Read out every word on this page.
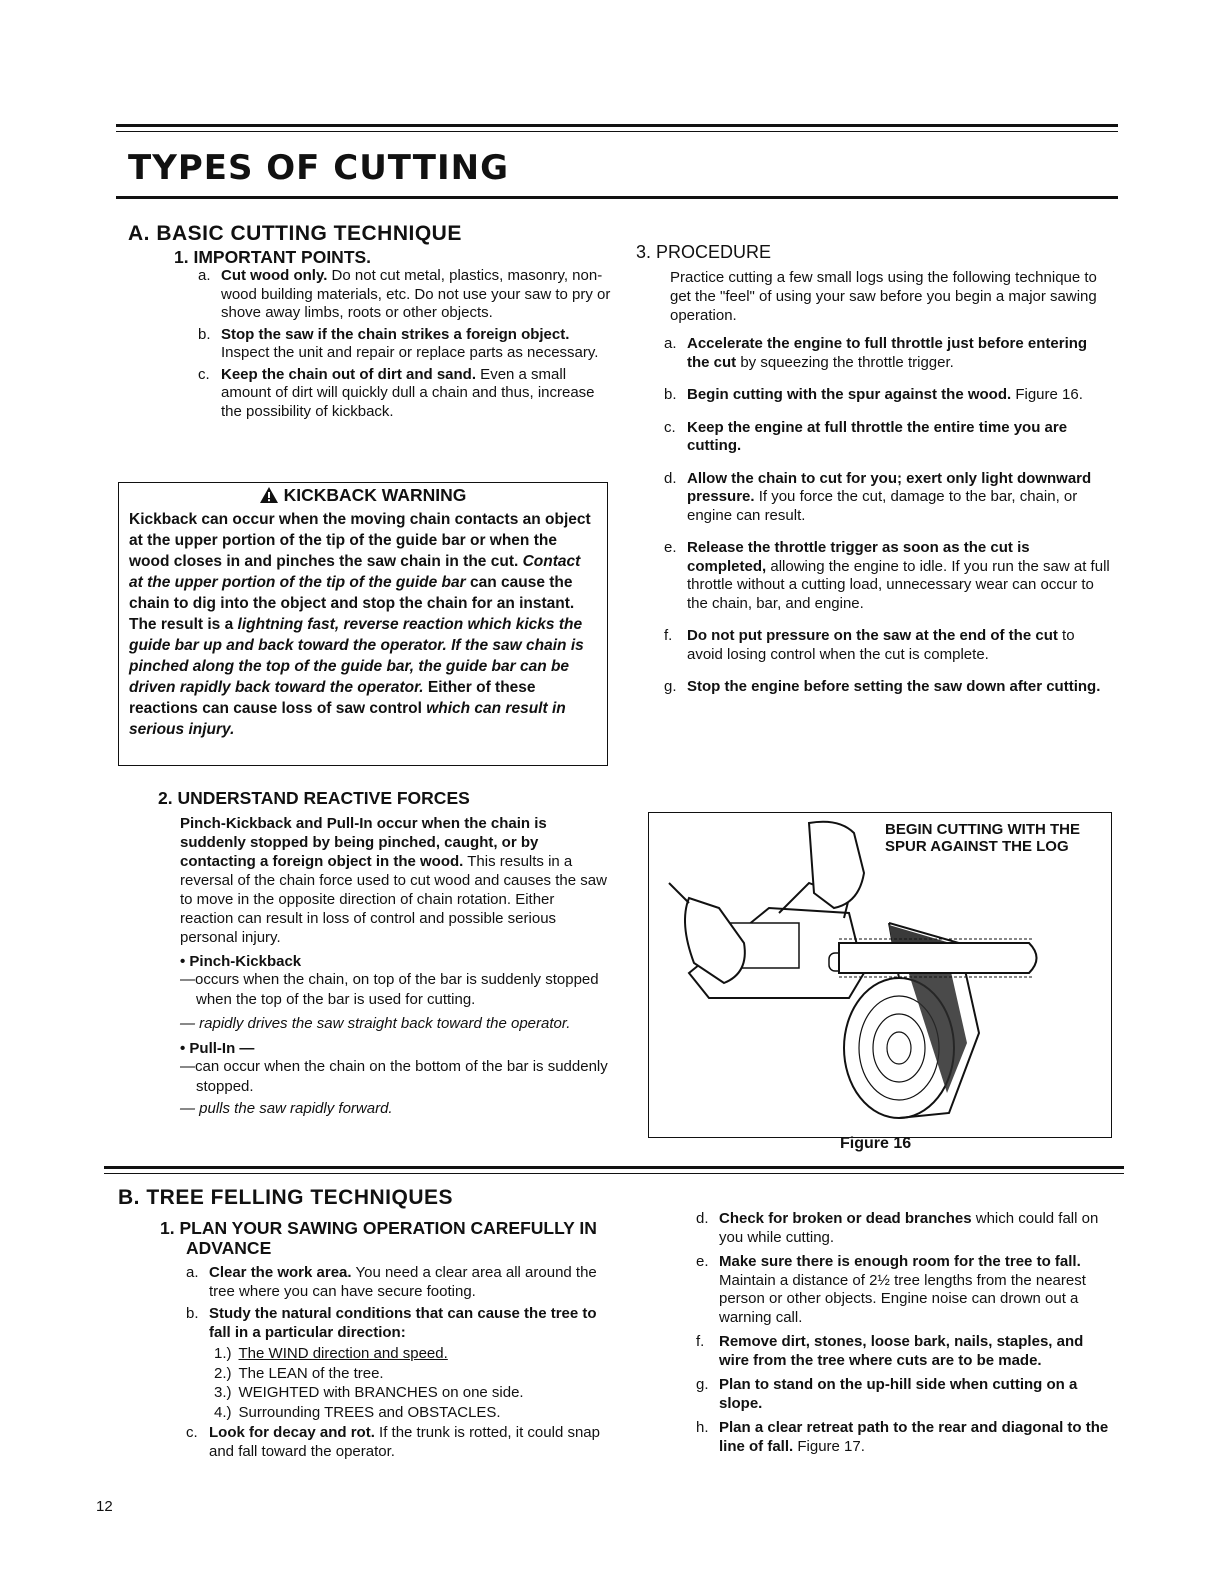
TYPES OF CUTTING
A. BASIC CUTTING TECHNIQUE
1. IMPORTANT POINTS.

a. Cut wood only. Do not cut metal, plastics, masonry, non-wood building materials, etc. Do not use your saw to pry or shove away limbs, roots or other objects.

b. Stop the saw if the chain strikes a foreign object. Inspect the unit and repair or replace parts as necessary.

c. Keep the chain out of dirt and sand. Even a small amount of dirt will quickly dull a chain and thus, increase the possibility of kickback.

KICKBACK WARNING

Kickback can occur when the moving chain contacts an object at the upper portion of the tip of the guide bar or when the wood closes in and pinches the saw chain in the cut. Contact at the upper portion of the tip of the guide bar can cause the chain to dig into the object and stop the chain for an instant. The result is a lightning fast, reverse reaction which kicks the guide bar up and back toward the operator. If the saw chain is pinched along the top of the guide bar, the guide bar can be driven rapidly back toward the operator. Either of these reactions can cause loss of saw control which can result in serious injury.

2. UNDERSTAND REACTIVE FORCES

Pinch-Kickback and Pull-In occur when the chain is suddenly stopped by being pinched, caught, or by contacting a foreign object in the wood. This results in a reversal of the chain force used to cut wood and causes the saw to move in the opposite direction of chain rotation. Either reaction can result in loss of control and possible serious personal injury.

• Pinch-Kickback

—occurs when the chain, on top of the bar is suddenly stopped when the top of the bar is used for cutting.

— rapidly drives the saw straight back toward the operator.

• Pull-In —

—can occur when the chain on the bottom of the bar is suddenly stopped.

— pulls the saw rapidly forward.

3. PROCEDURE

Practice cutting a few small logs using the following technique to get the "feel" of using your saw before you begin a major sawing operation.

a. Accelerate the engine to full throttle just before entering the cut by squeezing the throttle trigger.

b. Begin cutting with the spur against the wood. Figure 16.

c. Keep the engine at full throttle the entire time you are cutting.

d. Allow the chain to cut for you; exert only light downward pressure. If you force the cut, damage to the bar, chain, or engine can result.

e. Release the throttle trigger as soon as the cut is completed, allowing the engine to idle. If you run the saw at full throttle without a cutting load, unnecessary wear can occur to the chain, bar, and engine.

f. Do not put pressure on the saw at the end of the cut to avoid losing control when the cut is complete.

g. Stop the engine before setting the saw down after cutting.

BEGIN CUTTING WITH THE SPUR AGAINST THE LOG
Figure 16
B. TREE FELLING TECHNIQUES
1. PLAN YOUR SAWING OPERATION CAREFULLY IN ADVANCE

a. Clear the work area. You need a clear area all around the tree where you can have secure footing.

b. Study the natural conditions that can cause the tree to fall in a particular direction:

1.) The WIND direction and speed.

2.) The LEAN of the tree.

3.) WEIGHTED with BRANCHES on one side.

4.) Surrounding TREES and OBSTACLES.

c. Look for decay and rot. If the trunk is rotted, it could snap and fall toward the operator.

d. Check for broken or dead branches which could fall on you while cutting.

e. Make sure there is enough room for the tree to fall. Maintain a distance of 2½ tree lengths from the nearest person or other objects. Engine noise can drown out a warning call.

f. Remove dirt, stones, loose bark, nails, staples, and wire from the tree where cuts are to be made.

g. Plan to stand on the up-hill side when cutting on a slope.

h. Plan a clear retreat path to the rear and diagonal to the line of fall. Figure 17.

12
